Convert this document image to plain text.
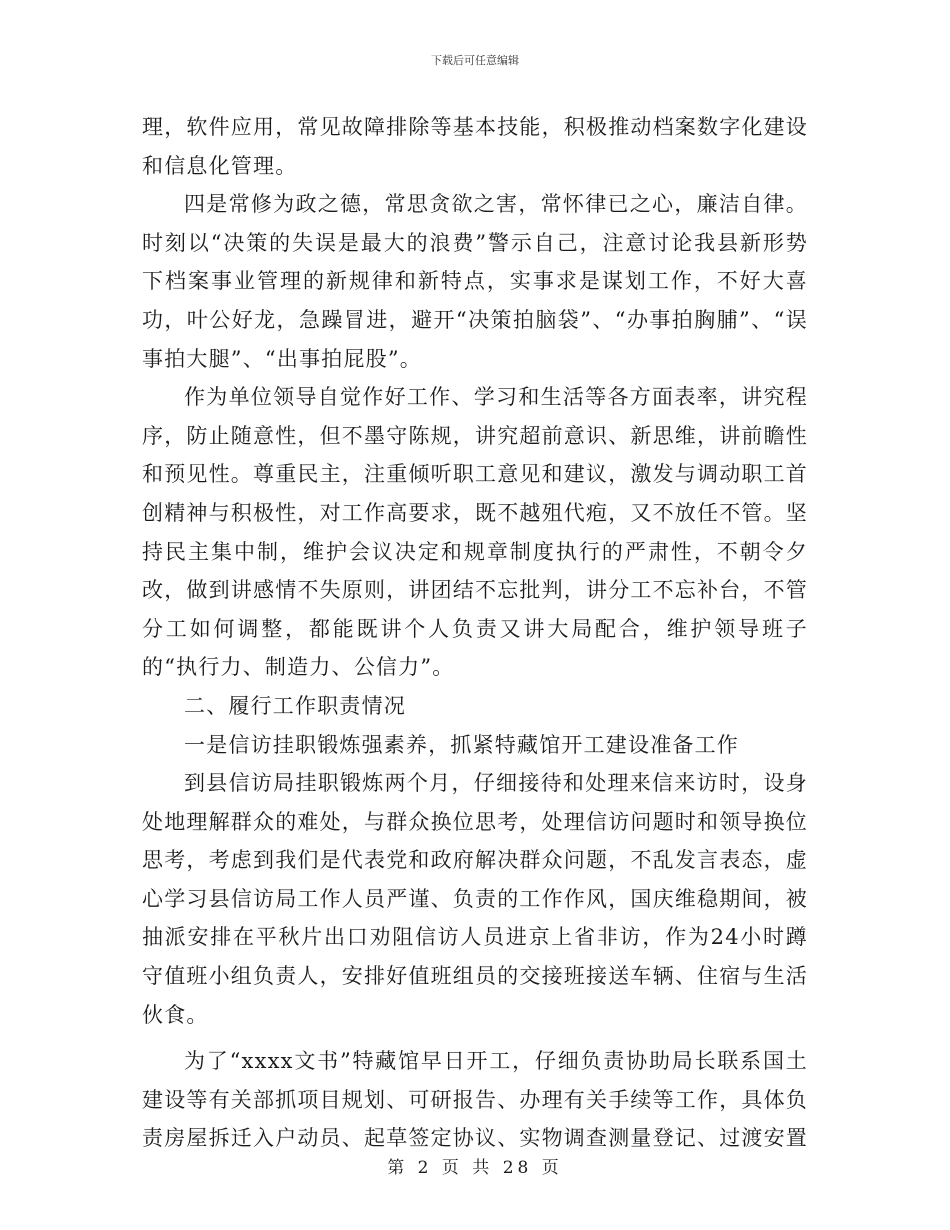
下载后可任意编辑

理，软件应用，常见故障排除等基本技能，积极推动档案数字化建设和信息化管理。

四是常修为政之德，常思贪欲之害，常怀律已之心，廉洁自律。时刻以“决策的失误是最大的浪费”警示自己，注意讨论我县新形势下档案事业管理的新规律和新特点，实事求是谋划工作，不好大喜功，叶公好龙，急躁冒进，避开“决策拍脑袋”、“办事拍胸脯”、“误事拍大腿”、“出事拍屁股”。

作为单位领导自觉作好工作、学习和生活等各方面表率，讲究程序，防止随意性，但不墨守陈规，讲究超前意识、新思维，讲前瞻性和预见性。尊重民主，注重倾听职工意见和建议，激发与调动职工首创精神与积极性，对工作高要求，既不越殂代疱，又不放任不管。坚持民主集中制，维护会议决定和规章制度执行的严肃性，不朝令夕改，做到讲感情不失原则，讲团结不忘批判，讲分工不忘补台，不管分工如何调整，都能既讲个人负责又讲大局配合，维护领导班子的“执行力、制造力、公信力”。

二、履行工作职责情况

一是信访挂职锻炼强素养，抓紧特藏馆开工建设准备工作

到县信访局挂职锻炼两个月，仔细接待和处理来信来访时，设身处地理解群众的难处，与群众换位思考，处理信访问题时和领导换位思考，考虑到我们是代表党和政府解决群众问题，不乱发言表态，虚心学习县信访局工作人员严谨、负责的工作作风，国庆维稳期间，被抽派安排在平秋片出口劝阻信访人员进京上省非访，作为24小时蹲守值班小组负责人，安排好值班组员的交接班接送车辆、住宿与生活伙食。

为了“xxxx文书”特藏馆早日开工，仔细负责协助局长联系国土建设等有关部抓项目规划、可研报告、办理有关手续等工作，具体负责房屋拆迁入户动员、起草签定协议、实物调查测量登记、过渡安置

第 2 页 共 28 页
